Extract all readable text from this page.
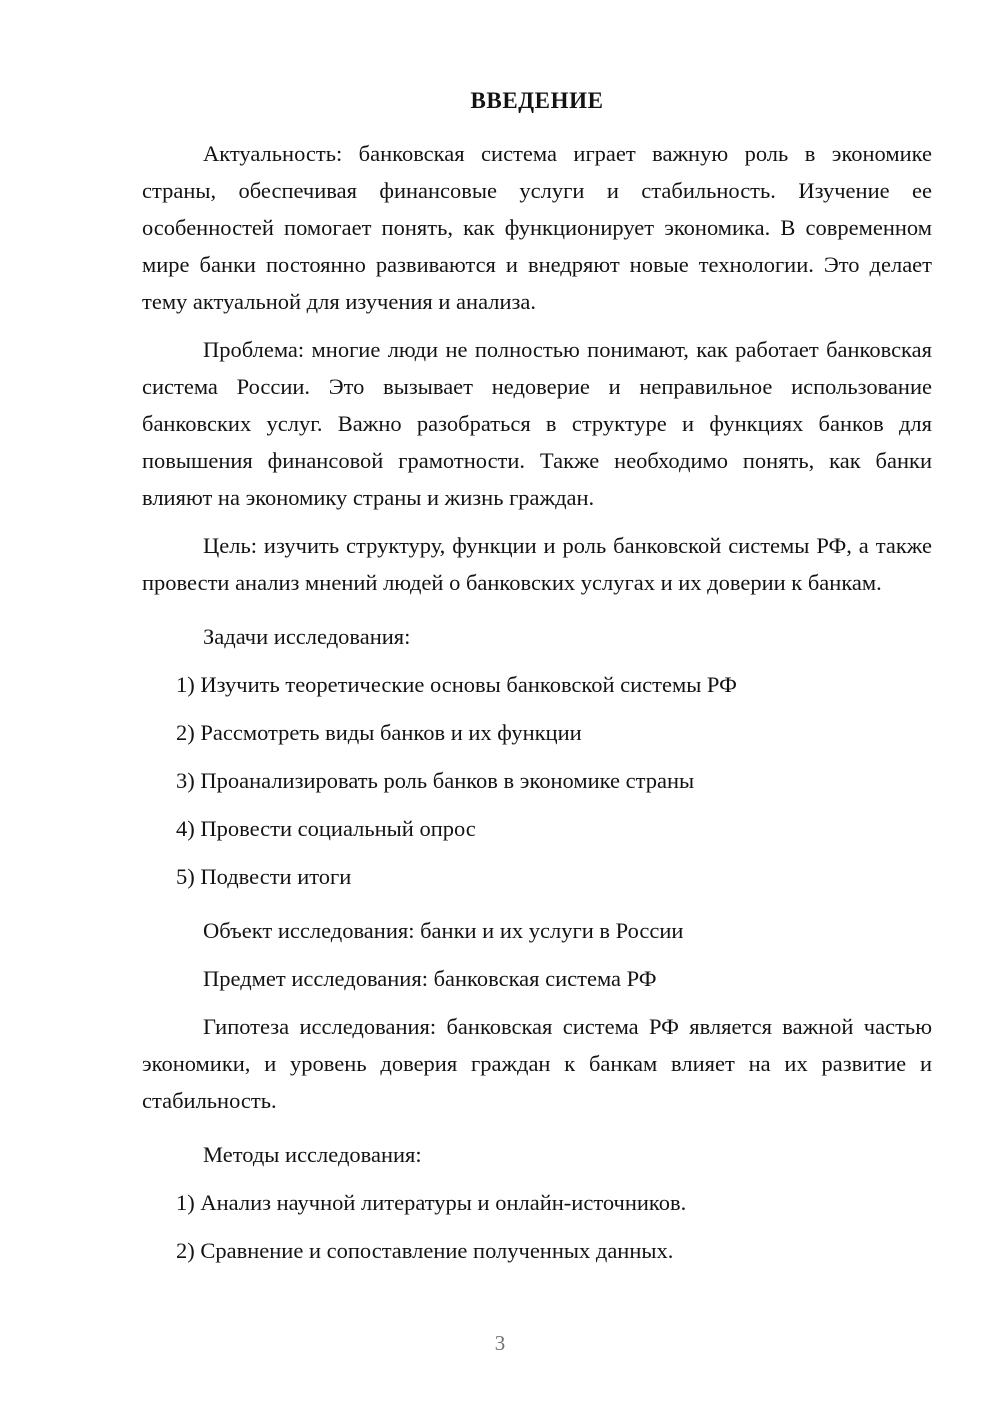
ВВЕДЕНИЕ

Актуальность: банковская система играет важную роль в экономике страны, обеспечивая финансовые услуги и стабильность. Изучение ее особенностей помогает понять, как функционирует экономика. В современном мире банки постоянно развиваются и внедряют новые технологии. Это делает тему актуальной для изучения и анализа.

Проблема: многие люди не полностью понимают, как работает банковская система России. Это вызывает недоверие и неправильное использование банковских услуг. Важно разобраться в структуре и функциях банков для повышения финансовой грамотности. Также необходимо понять, как банки влияют на экономику страны и жизнь граждан.

Цель: изучить структуру, функции и роль банковской системы РФ, а также провести анализ мнений людей о банковских услугах и их доверии к банкам.

Задачи исследования:

1) Изучить теоретические основы банковской системы РФ
2) Рассмотреть виды банков и их функции
3) Проанализировать роль банков в экономике страны
4) Провести социальный опрос
5) Подвести итоги

Объект исследования: банки и их услуги в России

Предмет исследования: банковская система РФ

Гипотеза исследования: банковская система РФ является важной частью экономики, и уровень доверия граждан к банкам влияет на их развитие и стабильность.

Методы исследования:

1) Анализ научной литературы и онлайн-источников.
2) Сравнение и сопоставление полученных данных.
3
